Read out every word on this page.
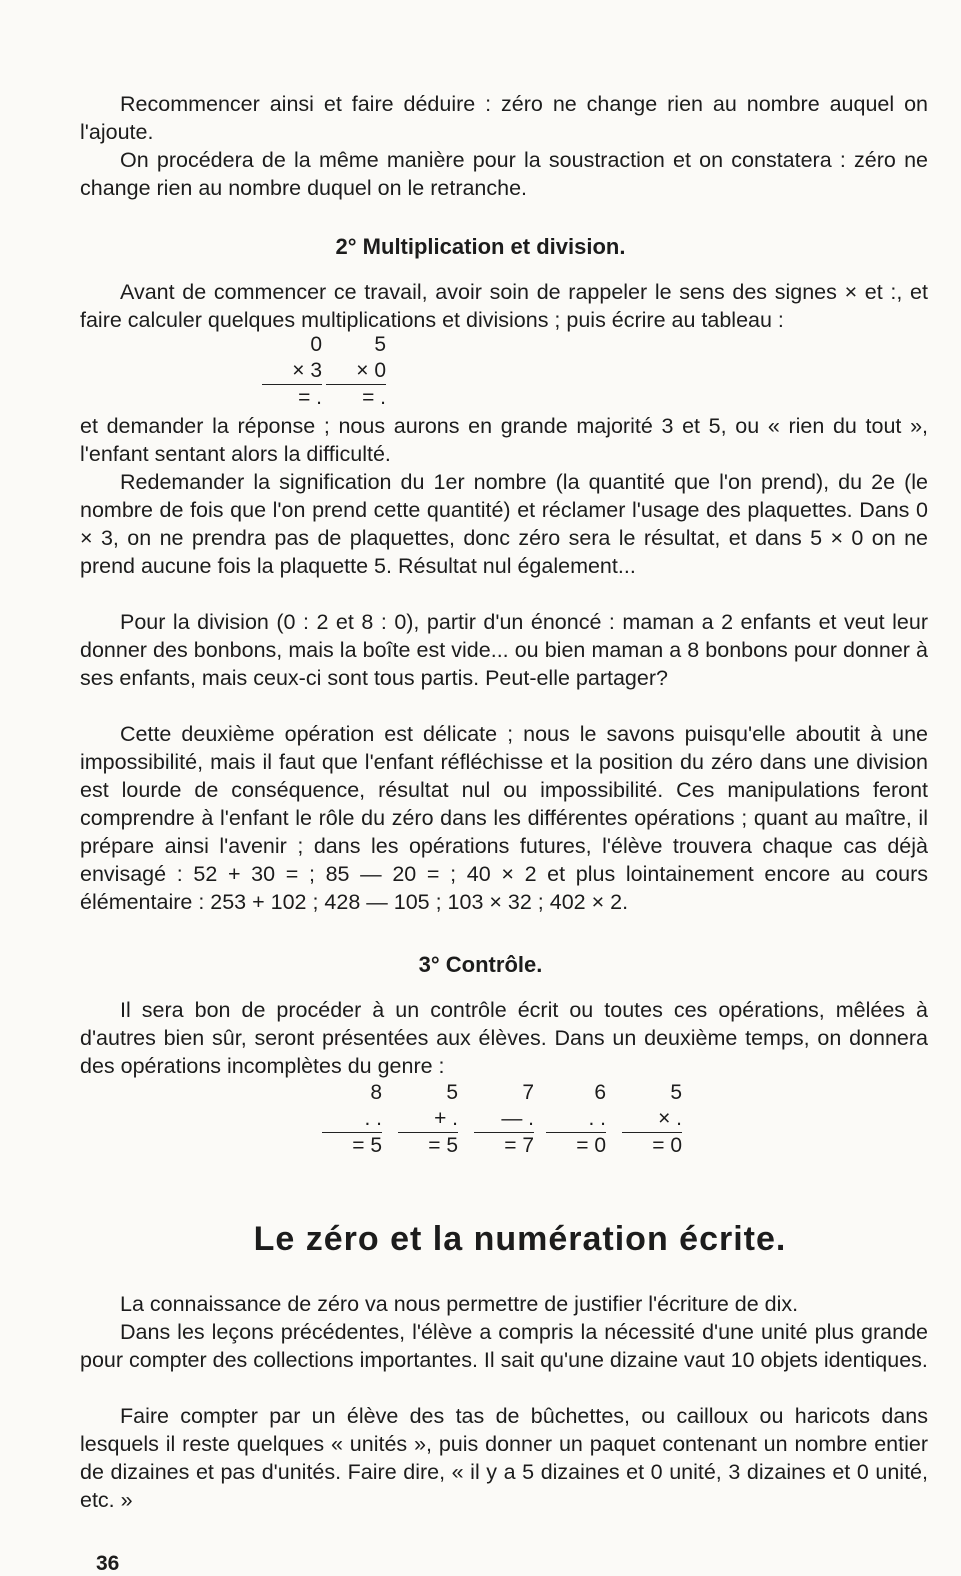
Recommencer ainsi et faire déduire : zéro ne change rien au nombre auquel on l'ajoute.
On procédera de la même manière pour la soustraction et on constatera : zéro ne change rien au nombre duquel on le retranche.
2° Multiplication et division.
Avant de commencer ce travail, avoir soin de rappeler le sens des signes × et :, et faire calculer quelques multiplications et divisions ; puis écrire au tableau :
0
× 3
= .
5
× 0
= .
et demander la réponse ; nous aurons en grande majorité 3 et 5, ou « rien du tout », l'enfant sentant alors la difficulté.
Redemander la signification du 1er nombre (la quantité que l'on prend), du 2e (le nombre de fois que l'on prend cette quantité) et réclamer l'usage des plaquettes. Dans 0 × 3, on ne prendra pas de plaquettes, donc zéro sera le résultat, et dans 5 × 0 on ne prend aucune fois la plaquette 5. Résultat nul également...
Pour la division (0 : 2 et 8 : 0), partir d'un énoncé : maman a 2 enfants et veut leur donner des bonbons, mais la boîte est vide... ou bien maman a 8 bonbons pour donner à ses enfants, mais ceux-ci sont tous partis. Peut-elle partager?
Cette deuxième opération est délicate ; nous le savons puisqu'elle aboutit à une impossibilité, mais il faut que l'enfant réfléchisse et la position du zéro dans une division est lourde de conséquence, résultat nul ou impossibilité. Ces manipulations feront comprendre à l'enfant le rôle du zéro dans les différentes opérations ; quant au maître, il prépare ainsi l'avenir ; dans les opérations futures, l'élève trouvera chaque cas déjà envisagé : 52 + 30 = ; 85 — 20 = ; 40 × 2 et plus lointainement encore au cours élémentaire : 253 + 102 ; 428 — 105 ; 103 × 32 ; 402 × 2.
3° Contrôle.
Il sera bon de procéder à un contrôle écrit ou toutes ces opérations, mêlées à d'autres bien sûr, seront présentées aux élèves. Dans un deuxième temps, on donnera des opérations incomplètes du genre :
8
. .
= 5
5
+ .
= 5
7
— .
= 7
6
. .
= 0
5
× .
= 0
Le zéro et la numération écrite.
La connaissance de zéro va nous permettre de justifier l'écriture de dix.
Dans les leçons précédentes, l'élève a compris la nécessité d'une unité plus grande pour compter des collections importantes. Il sait qu'une dizaine vaut 10 objets identiques.
Faire compter par un élève des tas de bûchettes, ou cailloux ou haricots dans lesquels il reste quelques « unités », puis donner un paquet contenant un nombre entier de dizaines et pas d'unités. Faire dire, « il y a 5 dizaines et 0 unité, 3 dizaines et 0 unité, etc. »
36
